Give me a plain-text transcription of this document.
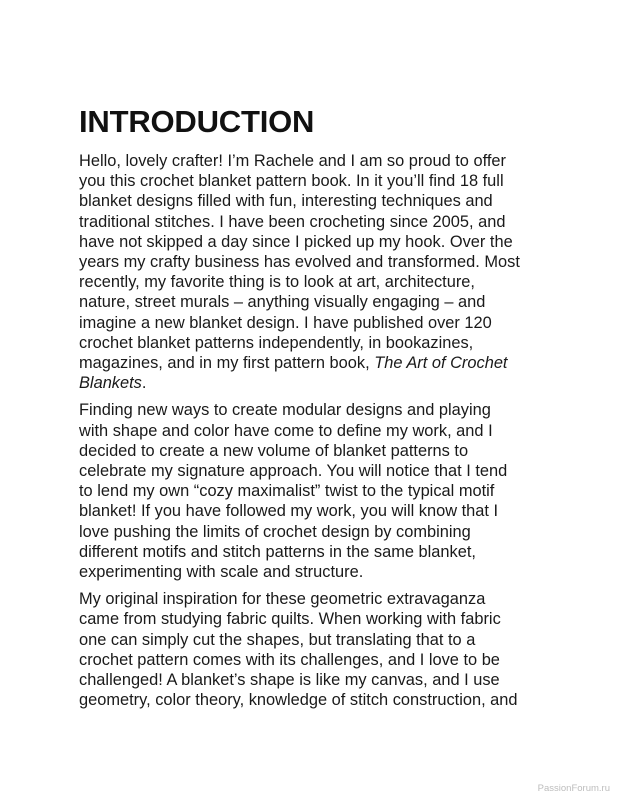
INTRODUCTION

Hello, lovely crafter! I’m Rachele and I am so proud to offer
you this crochet blanket pattern book. In it you’ll find 18 full
blanket designs filled with fun, interesting techniques and
traditional stitches. I have been crocheting since 2005, and
have not skipped a day since I picked up my hook. Over the
years my crafty business has evolved and transformed. Most
recently, my favorite thing is to look at art, architecture,
nature, street murals – anything visually engaging – and
imagine a new blanket design. I have published over 120
crochet blanket patterns independently, in bookazines,
magazines, and in my first pattern book, The Art of Crochet
Blankets.

Finding new ways to create modular designs and playing
with shape and color have come to define my work, and I
decided to create a new volume of blanket patterns to
celebrate my signature approach. You will notice that I tend
to lend my own “cozy maximalist” twist to the typical motif
blanket! If you have followed my work, you will know that I
love pushing the limits of crochet design by combining
different motifs and stitch patterns in the same blanket,
experimenting with scale and structure.

My original inspiration for these geometric extravaganza
came from studying fabric quilts. When working with fabric
one can simply cut the shapes, but translating that to a
crochet pattern comes with its challenges, and I love to be
challenged! A blanket’s shape is like my canvas, and I use
geometry, color theory, knowledge of stitch construction, and

PassionForum.ru
